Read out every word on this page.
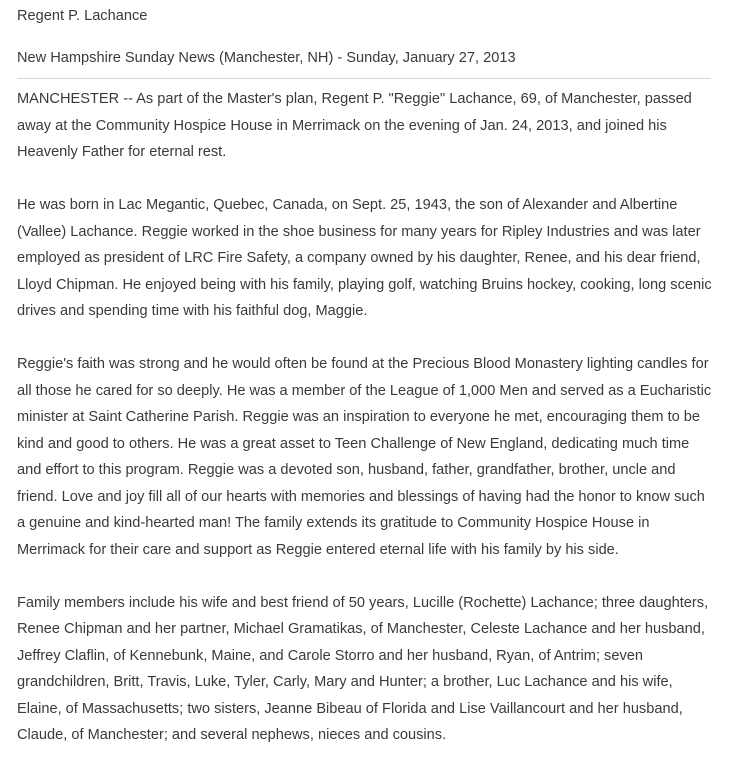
Regent P. Lachance

New Hampshire Sunday News (Manchester, NH) - Sunday, January 27, 2013

MANCHESTER -- As part of the Master's plan, Regent P. "Reggie" Lachance, 69, of Manchester, passed away at the Community Hospice House in Merrimack on the evening of Jan. 24, 2013, and joined his Heavenly Father for eternal rest.

He was born in Lac Megantic, Quebec, Canada, on Sept. 25, 1943, the son of Alexander and Albertine (Vallee) Lachance. Reggie worked in the shoe business for many years for Ripley Industries and was later employed as president of LRC Fire Safety, a company owned by his daughter, Renee, and his dear friend, Lloyd Chipman. He enjoyed being with his family, playing golf, watching Bruins hockey, cooking, long scenic drives and spending time with his faithful dog, Maggie.

Reggie's faith was strong and he would often be found at the Precious Blood Monastery lighting candles for all those he cared for so deeply. He was a member of the League of 1,000 Men and served as a Eucharistic minister at Saint Catherine Parish. Reggie was an inspiration to everyone he met, encouraging them to be kind and good to others. He was a great asset to Teen Challenge of New England, dedicating much time and effort to this program. Reggie was a devoted son, husband, father, grandfather, brother, uncle and friend. Love and joy fill all of our hearts with memories and blessings of having had the honor to know such a genuine and kind-hearted man! The family extends its gratitude to Community Hospice House in Merrimack for their care and support as Reggie entered eternal life with his family by his side.

Family members include his wife and best friend of 50 years, Lucille (Rochette) Lachance; three daughters, Renee Chipman and her partner, Michael Gramatikas, of Manchester, Celeste Lachance and her husband, Jeffrey Claflin, of Kennebunk, Maine, and Carole Storro and her husband, Ryan, of Antrim; seven grandchildren, Britt, Travis, Luke, Tyler, Carly, Mary and Hunter; a brother, Luc Lachance and his wife, Elaine, of Massachusetts; two sisters, Jeanne Bibeau of Florida and Lise Vaillancourt and her husband, Claude, of Manchester; and several nephews, nieces and cousins.
